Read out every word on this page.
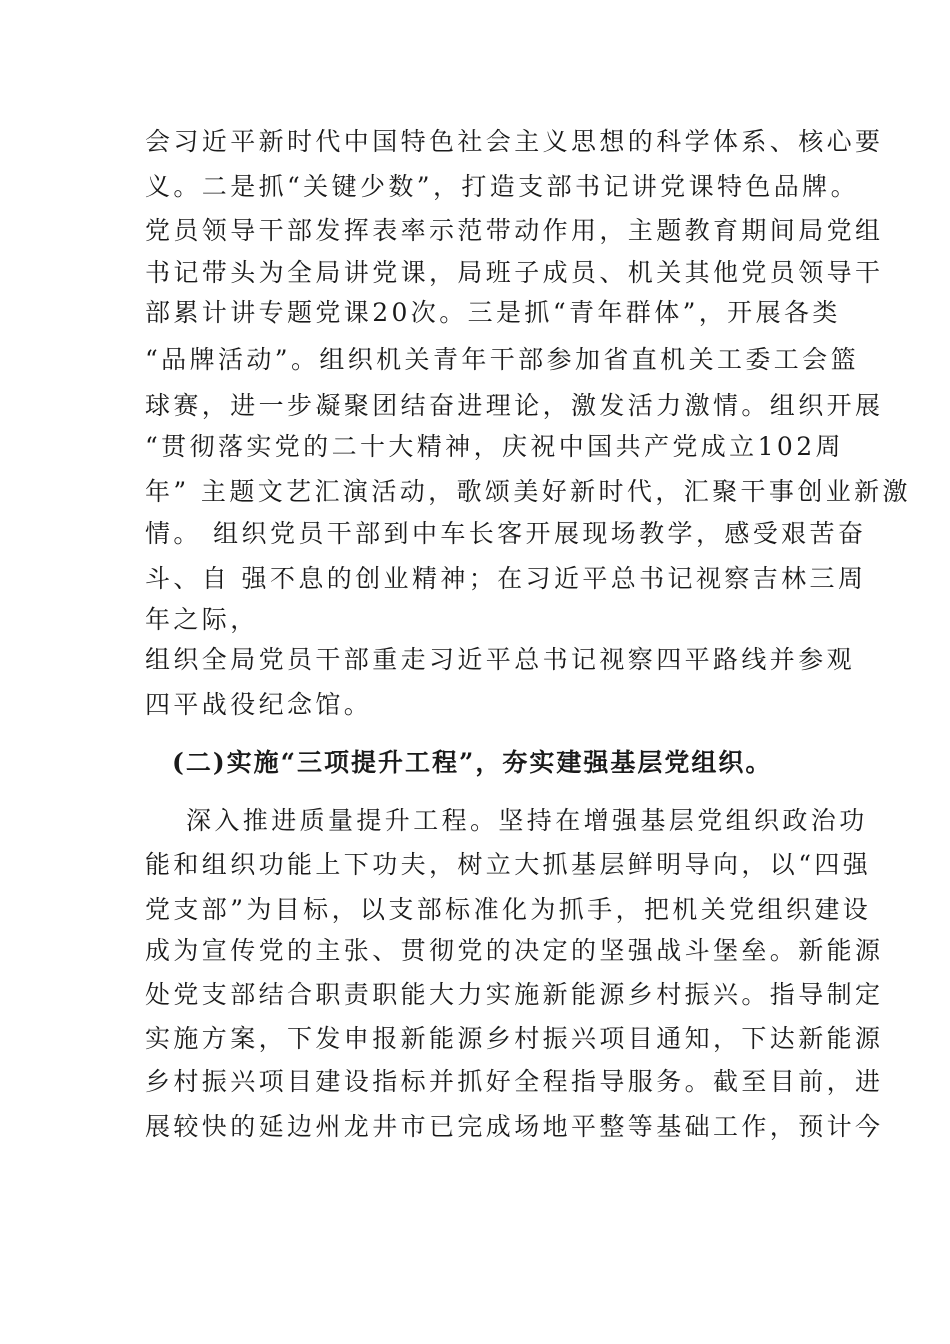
会习近平新时代中国特色社会主义思想的科学体系、核心要
义。二是抓“关键少数”，打造支部书记讲党课特色品牌。
党员领导干部发挥表率示范带动作用，主题教育期间局党组
书记带头为全局讲党课，局班子成员、机关其他党员领导干
部累计讲专题党课20次。三是抓“青年群体”，开展各类
“品牌活动”。组织机关青年干部参加省直机关工委工会篮
球赛，进一步凝聚团结奋进理论，激发活力激情。组织开展
“贯彻落实党的二十大精神，庆祝中国共产党成立102周
年” 主题文艺汇演活动，歌颂美好新时代，汇聚干事创业新激
情。 组织党员干部到中车长客开展现场教学，感受艰苦奋
斗、自 强不息的创业精神；在习近平总书记视察吉林三周
年之际，
组织全局党员干部重走习近平总书记视察四平路线并参观
四平战役纪念馆。
(二)实施“三项提升工程”，夯实建强基层党组织。
深入推进质量提升工程。坚持在增强基层党组织政治功
能和组织功能上下功夫，树立大抓基层鲜明导向，以“四强
党支部”为目标，以支部标准化为抓手，把机关党组织建设
成为宣传党的主张、贯彻党的决定的坚强战斗堡垒。新能源
处党支部结合职责职能大力实施新能源乡村振兴。指导制定
实施方案，下发申报新能源乡村振兴项目通知，下达新能源
乡村振兴项目建设指标并抓好全程指导服务。截至目前，进
展较快的延边州龙井市已完成场地平整等基础工作，预计今
